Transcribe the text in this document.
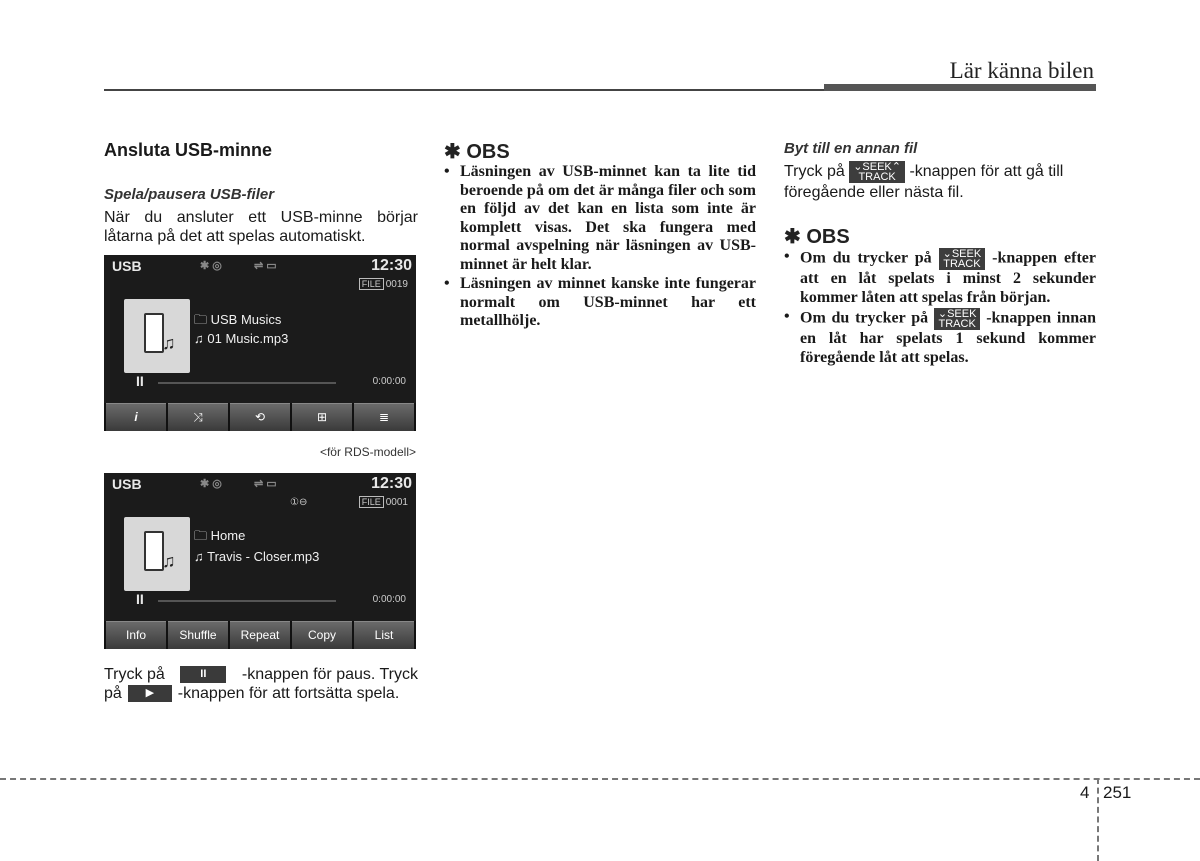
Lär känna bilen
Ansluta USB-minne
Spela/pausera USB-filer
När du ansluter ett USB-minne börjar låtarna på det att spelas automatiskt.
USB	✱ ◎	⇌ ▭	12:30
FILE 0019
♫
🗀 USB Musics
♫ 01 Music.mp3
II	0:00:00
i	⤨	⟲	⊞	≣
<för RDS-modell>
USB	✱ ◎	⇌ ▭	12:30
①⊖	FILE 0001
♫
🗀 Home
♫ Travis - Closer.mp3
II	0:00:00
Info	Shuffle	Repeat	Copy	List
Tryck på	II	-knappen för paus. Tryck
på	▶	-knappen för att fortsätta spela.
✱ OBS
• Läsningen av USB-minnet kan ta lite tid beroende på om det är många filer och som en följd av det kan en lista som inte är komplett visas. Det ska fungera med normal avspelning när läsningen av USB-minnet är helt klar.
• Läsningen av minnet kanske inte fungerar normalt om USB-minnet har ett metallhölje.
Byt till en annan fil
Tryck på ⌄SEEK⌃
TRACK -knappen för att gå till föregående eller nästa fil.
✱ OBS
• Om du trycker på ⌄SEEK
TRACK -knappen efter att en låt spelats i minst 2 sekunder kommer låten att spelas från början.
• Om du trycker på ⌄SEEK
TRACK -knappen innan en låt har spelats 1 sekund kommer föregående låt att spelas.
4 251
